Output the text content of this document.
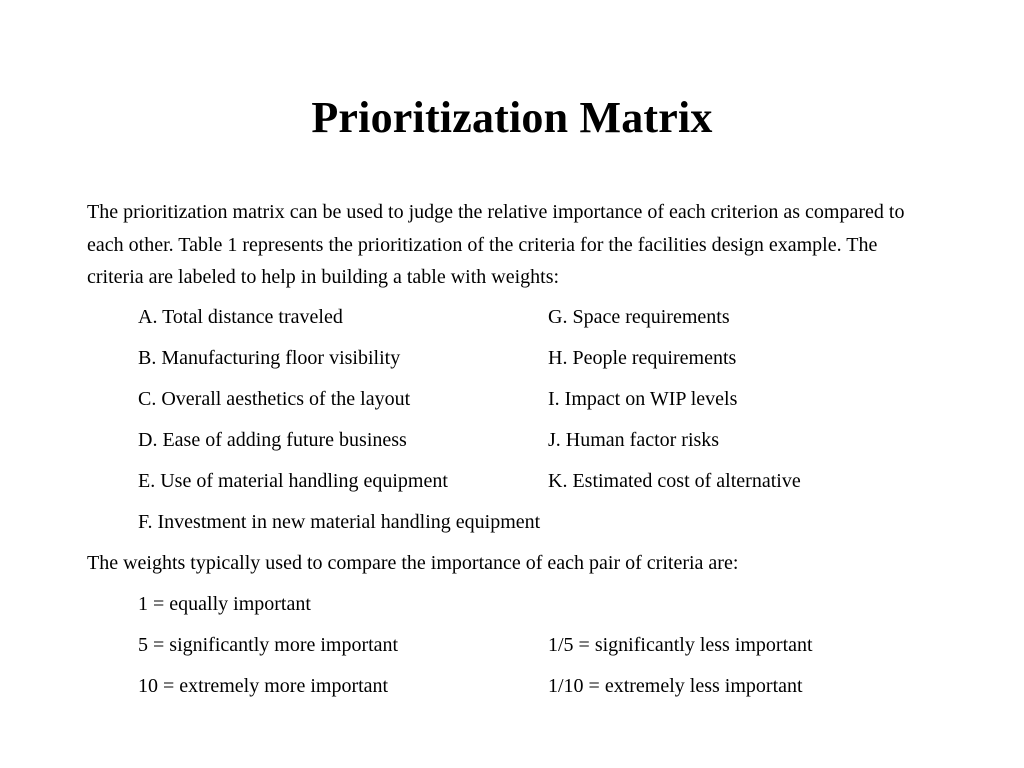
Prioritization Matrix

The prioritization matrix can be used to judge the relative importance of each criterion as compared to each other. Table 1 represents the prioritization of the criteria for the facilities design example. The criteria are labeled to help in building a table with weights:

A. Total distance traveled	G. Space requirements
B. Manufacturing floor visibility	H. People requirements
C. Overall aesthetics of the layout	I. Impact on WIP levels
D. Ease of adding future business	J. Human factor risks
E. Use of material handling equipment	K. Estimated cost of alternative
F. Investment in new material handling equipment
The weights typically used to compare the importance of each pair of criteria are:
1 = equally important
5 = significantly more important	1/5 = significantly less important
10 = extremely more important	1/10 = extremely less important
